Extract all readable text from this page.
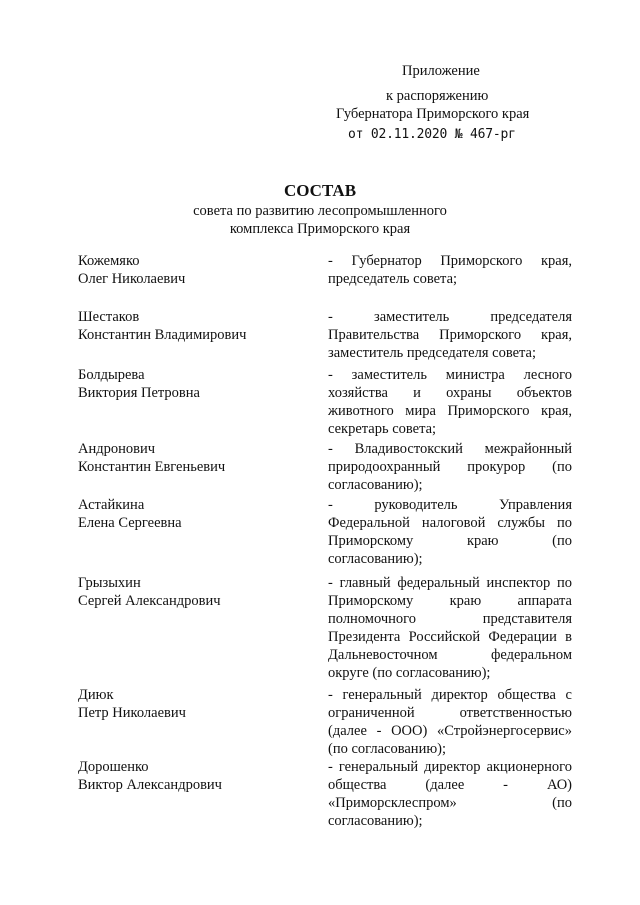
Приложение
к распоряжению
Губернатора Приморского края
от 02.11.2020 № 467-рг
СОСТАВ
совета по развитию лесопромышленного
комплекса Приморского края
Кожемяко
Олег Николаевич
- Губернатор Приморского края,
председатель совета;
Шестаков
Константин Владимирович
- заместитель председателя
Правительства Приморского края,
заместитель председателя совета;
Болдырева
Виктория Петровна
- заместитель министра лесного
хозяйства и охраны объектов
животного мира Приморского края,
секретарь совета;
Андронович
Константин Евгеньевич
- Владивостокский межрайонный
природоохранный прокурор (по
согласованию);
Астайкина
Елена Сергеевна
- руководитель Управления
Федеральной налоговой службы по
Приморскому краю (по
согласованию);
Грызыхин
Сергей Александрович
- главный федеральный инспектор по
Приморскому краю аппарата
полномочного представителя
Президента Российской Федерации в
Дальневосточном федеральном
округе (по согласованию);
Диюк
Петр Николаевич
- генеральный директор общества с
ограниченной ответственностью
(далее - ООО) «Стройэнергосервис»
(по согласованию);
Дорошенко
Виктор Александрович
- генеральный директор акционерного
общества (далее - АО)
«Приморсклеспром» (по
согласованию);
